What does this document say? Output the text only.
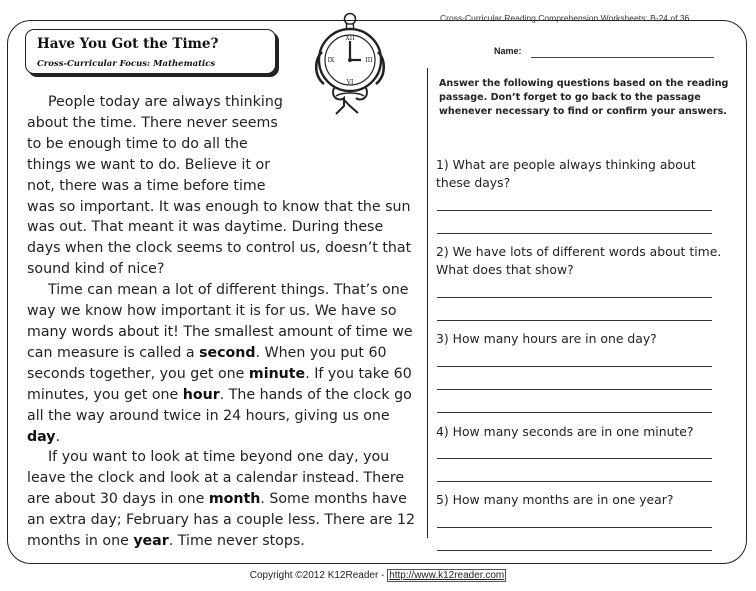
Cross-Curricular Reading Comprehension Worksheets: B-24 of 36
Have You Got the Time?
Cross-Curricular Focus: Mathematics
XII
IX	III
VI

People today are always thinking about the time. There never seems to be enough time to do all the things we want to do. Believe it or not, there was a time before time was so important. It was enough to know that the sun was out. That meant it was daytime. During these days when the clock seems to control us, doesn’t that sound kind of nice?

Time can mean a lot of different things. That’s one way we know how important it is for us. We have so many words about it! The smallest amount of time we can measure is called a second. When you put 60 seconds together, you get one minute. If you take 60 minutes, you get one hour. The hands of the clock go all the way around twice in 24 hours, giving us one day.

If you want to look at time beyond one day, you leave the clock and look at a calendar instead. There are about 30 days in one month. Some months have an extra day; February has a couple less. There are 12 months in one year. Time never stops.

Name:
Answer the following questions based on the reading passage. Don’t forget to go back to the passage whenever necessary to find or confirm your answers.
1) What are people always thinking about these days?
2) We have lots of different words about time. What does that show?
3) How many hours are in one day?
4) How many seconds are in one minute?
5) How many months are in one year?
Copyright ©2012 K12Reader - http://www.k12reader.com
